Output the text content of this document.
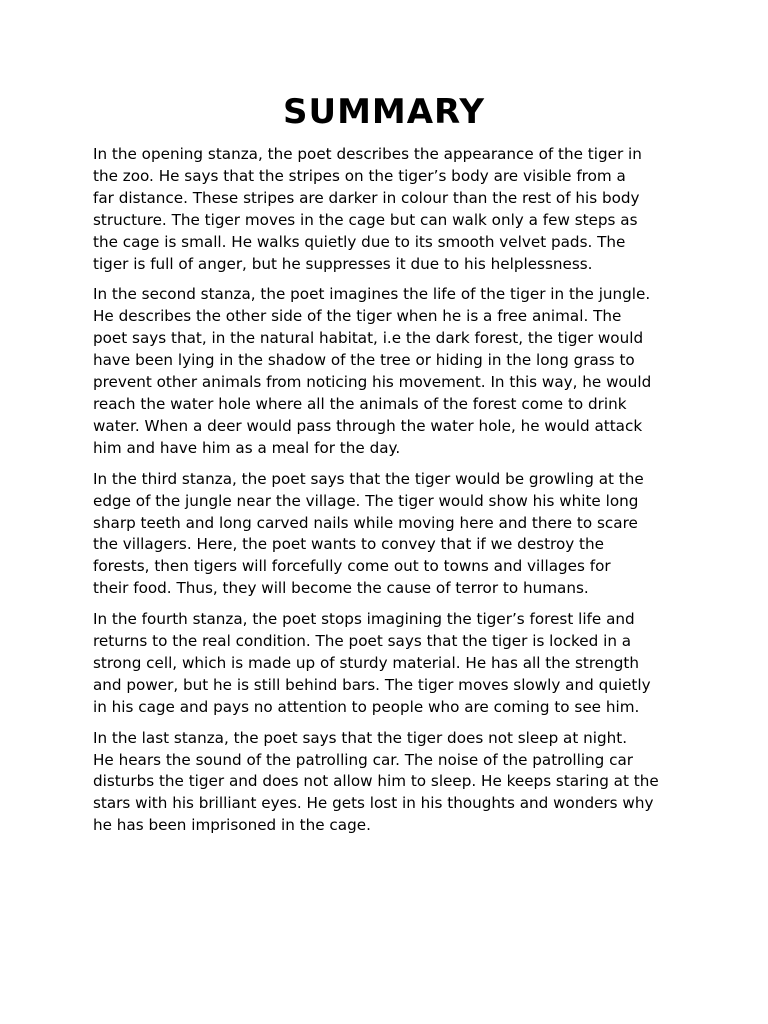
SUMMARY

In the opening stanza, the poet describes the appearance of the tiger in
the zoo. He says that the stripes on the tiger’s body are visible from a
far distance. These stripes are darker in colour than the rest of his body
structure. The tiger moves in the cage but can walk only a few steps as
the cage is small. He walks quietly due to its smooth velvet pads. The
tiger is full of anger, but he suppresses it due to his helplessness.

In the second stanza, the poet imagines the life of the tiger in the jungle.
He describes the other side of the tiger when he is a free animal. The
poet says that, in the natural habitat, i.e the dark forest, the tiger would
have been lying in the shadow of the tree or hiding in the long grass to
prevent other animals from noticing his movement. In this way, he would
reach the water hole where all the animals of the forest come to drink
water. When a deer would pass through the water hole, he would attack
him and have him as a meal for the day.

In the third stanza, the poet says that the tiger would be growling at the
edge of the jungle near the village. The tiger would show his white long
sharp teeth and long carved nails while moving here and there to scare
the villagers. Here, the poet wants to convey that if we destroy the
forests, then tigers will forcefully come out to towns and villages for
their food. Thus, they will become the cause of terror to humans.

In the fourth stanza, the poet stops imagining the tiger’s forest life and
returns to the real condition. The poet says that the tiger is locked in a
strong cell, which is made up of sturdy material. He has all the strength
and power, but he is still behind bars. The tiger moves slowly and quietly
in his cage and pays no attention to people who are coming to see him.

In the last stanza, the poet says that the tiger does not sleep at night.
He hears the sound of the patrolling car. The noise of the patrolling car
disturbs the tiger and does not allow him to sleep. He keeps staring at the
stars with his brilliant eyes. He gets lost in his thoughts and wonders why
he has been imprisoned in the cage.
